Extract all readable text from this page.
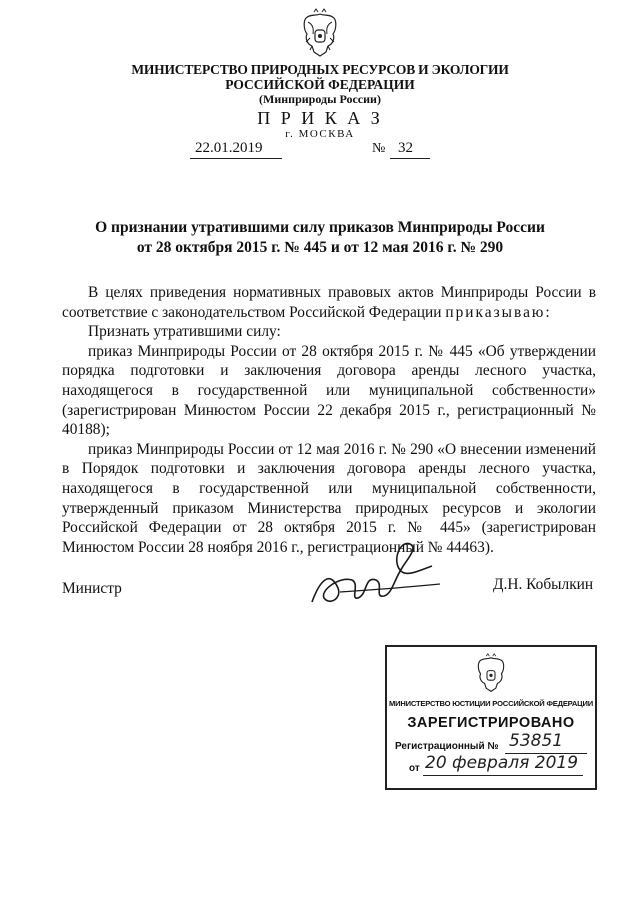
МИНИСТЕРСТВО ПРИРОДНЫХ РЕСУРСОВ И ЭКОЛОГИИ
РОССИЙСКОЙ ФЕДЕРАЦИИ
(Минприроды России)
П Р И К А З
г. МОСКВА
22.01.2019	№ 32
О признании утратившими силу приказов Минприроды России
от 28 октября 2015 г. № 445 и от 12 мая 2016 г. № 290

В целях приведения нормативных правовых актов Минприроды России в соответствие с законодательством Российской Федерации приказываю:

Признать утратившими силу:

приказ Минприроды России от 28 октября 2015 г. № 445 «Об утверждении порядка подготовки и заключения договора аренды лесного участка, находящегося в государственной или муниципальной собственности» (зарегистрирован Минюстом России 22 декабря 2015 г., регистрационный № 40188);

приказ Минприроды России от 12 мая 2016 г. № 290 «О внесении изменений в Порядок подготовки и заключения договора аренды лесного участка, находящегося в государственной или муниципальной собственности, утвержденный приказом Министерства природных ресурсов и экологии Российской Федерации от 28 октября 2015 г. № 445» (зарегистрирован Минюстом России 28 ноября 2016 г., регистрационный № 44463).

Министр	Д.Н. Кобылкин
МИНИСТЕРСТВО ЮСТИЦИИ РОССИЙСКОЙ ФЕДЕРАЦИИ
ЗАРЕГИСТРИРОВАНО
Регистрационный № 53851
от 20 февраля 2019
